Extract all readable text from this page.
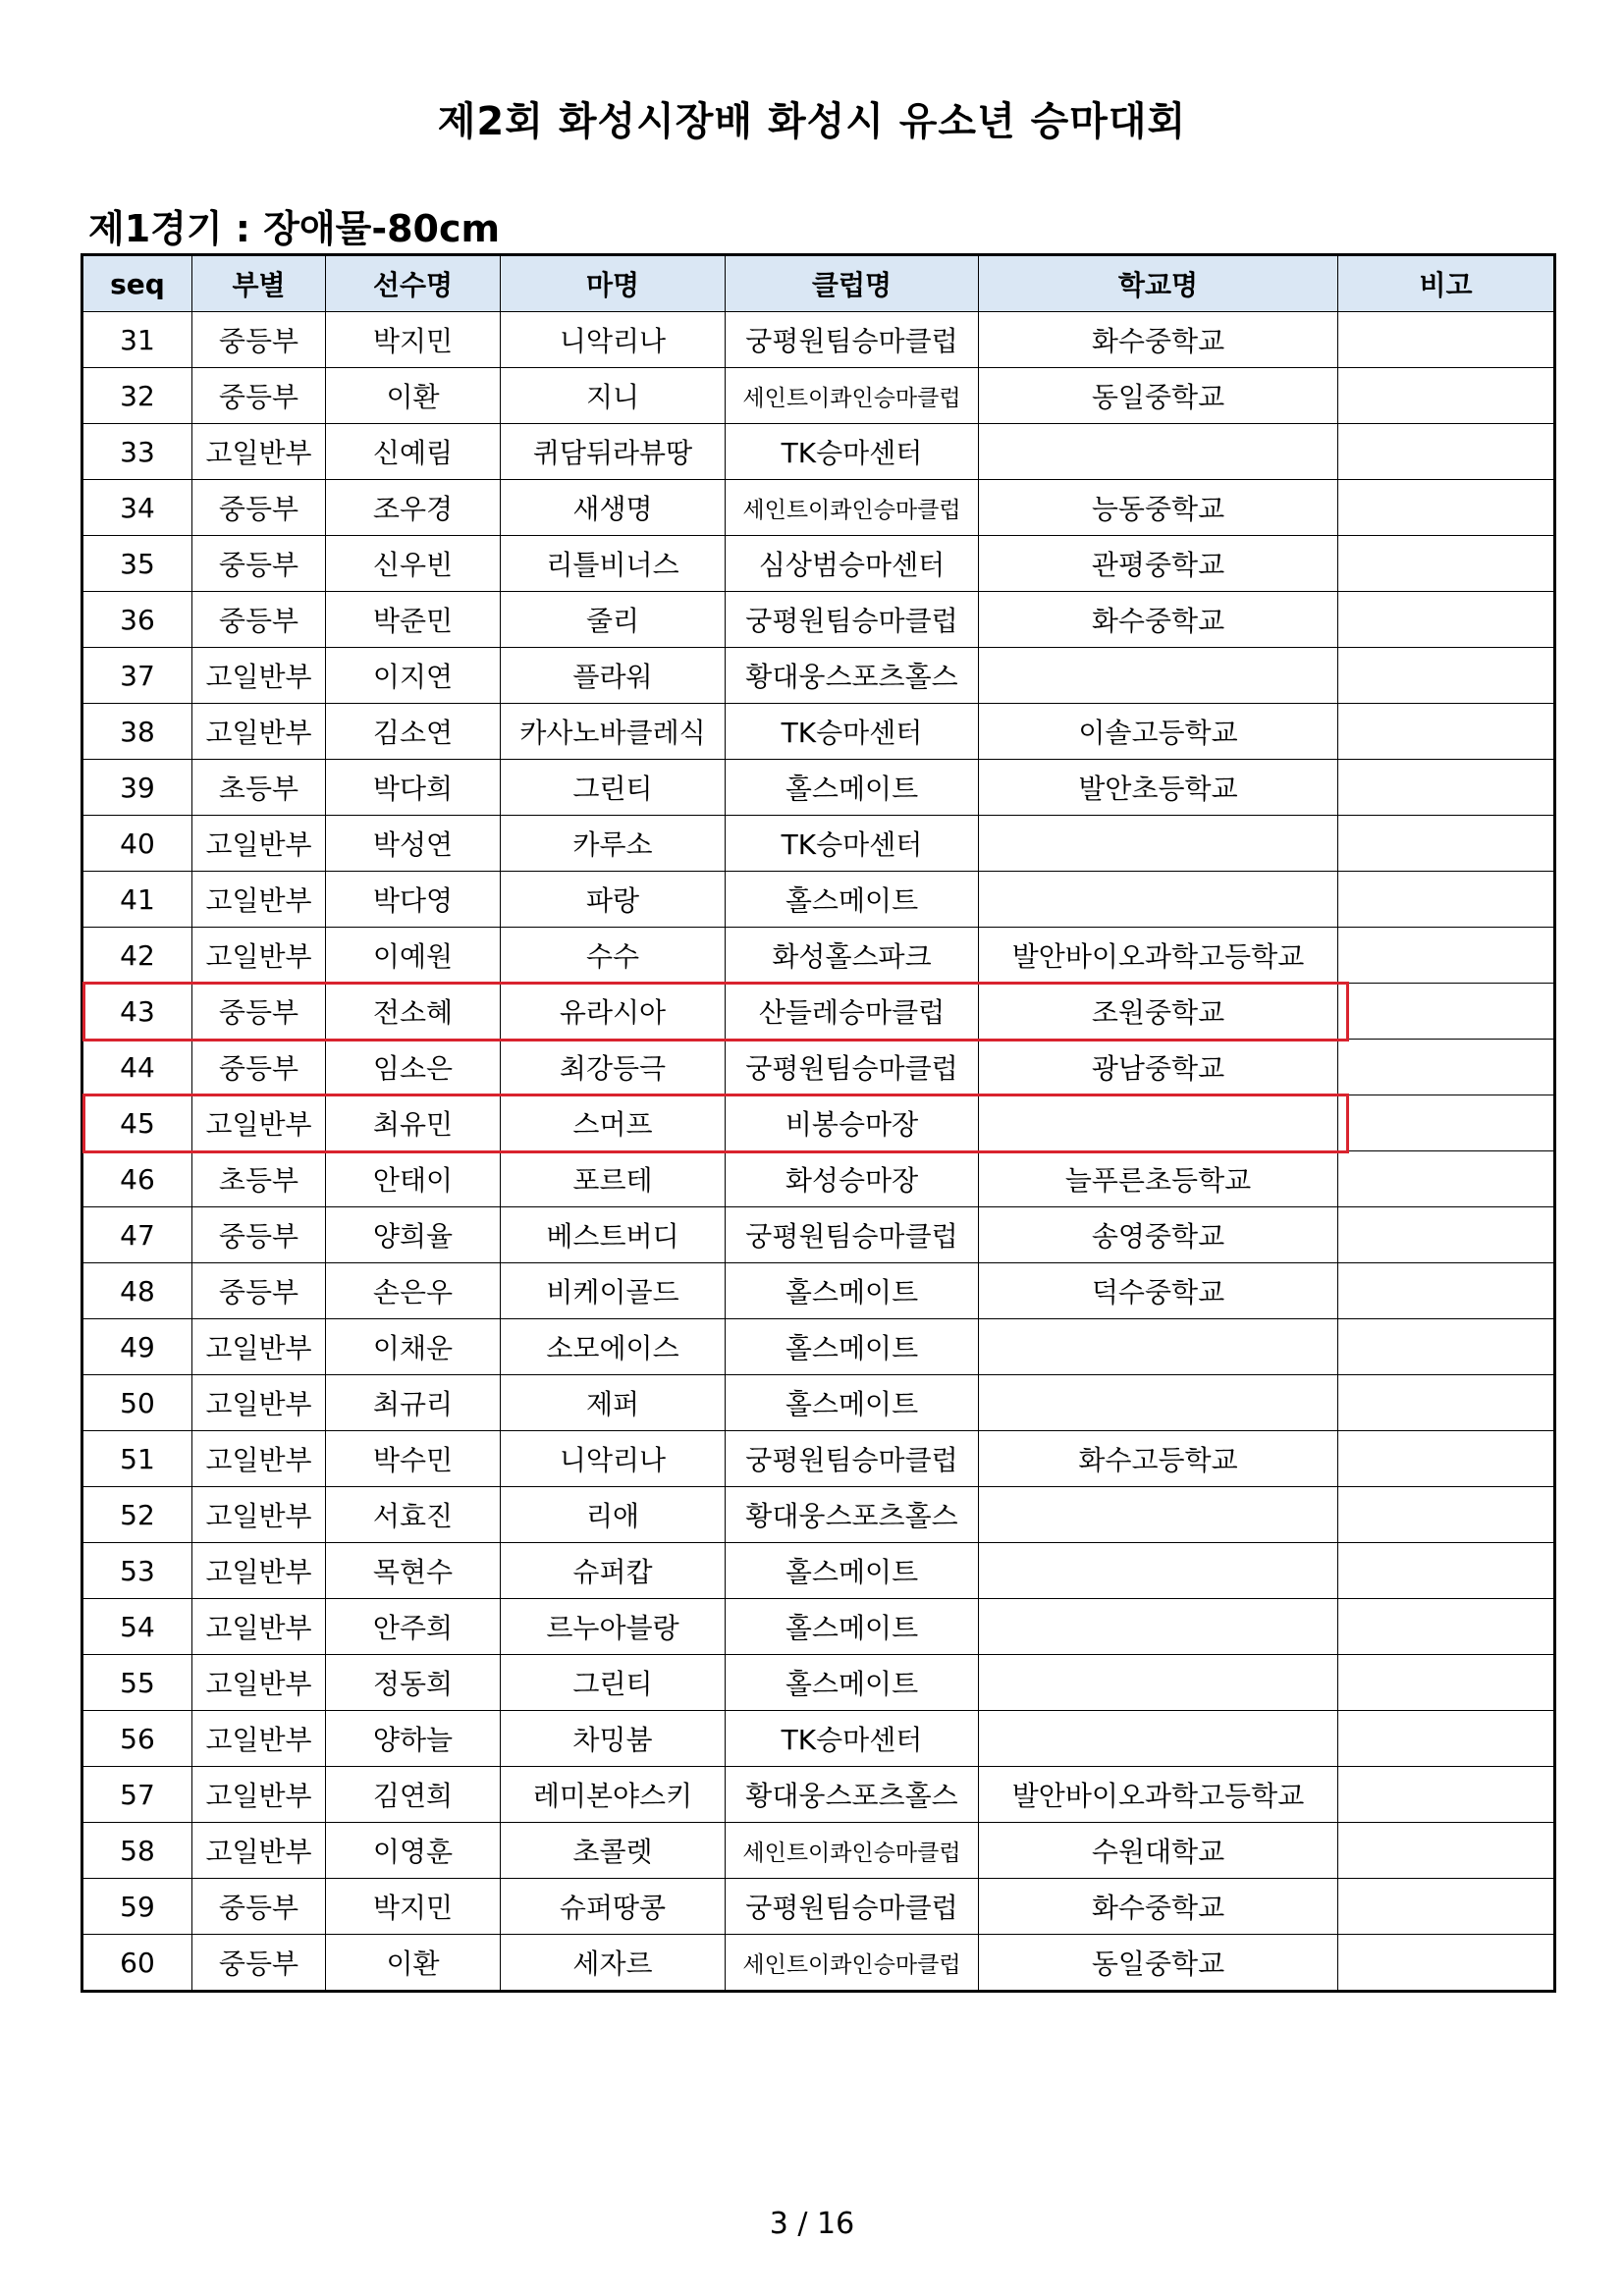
제2회 화성시장배 화성시 유소년 승마대회
제1경기 : 장애물-80cm
seq	부별	선수명	마명	클럽명	학교명	비고
31	중등부	박지민	니악리나	궁평원팀승마클럽	화수중학교	
32	중등부	이환	지니	세인트이콰인승마클럽	동일중학교	
33	고일반부	신예림	퀴담뒤라뷰땅	TK승마센터		
34	중등부	조우경	새생명	세인트이콰인승마클럽	능동중학교	
35	중등부	신우빈	리틀비너스	심상범승마센터	관평중학교	
36	중등부	박준민	줄리	궁평원팀승마클럽	화수중학교	
37	고일반부	이지연	플라워	황대웅스포츠홀스		
38	고일반부	김소연	카사노바클레식	TK승마센터	이솔고등학교	
39	초등부	박다희	그린티	홀스메이트	발안초등학교	
40	고일반부	박성연	카루소	TK승마센터		
41	고일반부	박다영	파랑	홀스메이트		
42	고일반부	이예원	수수	화성홀스파크	발안바이오과학고등학교	
43	중등부	전소혜	유라시아	산들레승마클럽	조원중학교	
44	중등부	임소은	최강등극	궁평원팀승마클럽	광남중학교	
45	고일반부	최유민	스머프	비봉승마장		
46	초등부	안태이	포르테	화성승마장	늘푸른초등학교	
47	중등부	양희율	베스트버디	궁평원팀승마클럽	송영중학교	
48	중등부	손은우	비케이골드	홀스메이트	덕수중학교	
49	고일반부	이채운	소모에이스	홀스메이트		
50	고일반부	최규리	제퍼	홀스메이트		
51	고일반부	박수민	니악리나	궁평원팀승마클럽	화수고등학교	
52	고일반부	서효진	리애	황대웅스포츠홀스		
53	고일반부	목현수	슈퍼캅	홀스메이트		
54	고일반부	안주희	르누아블랑	홀스메이트		
55	고일반부	정동희	그린티	홀스메이트		
56	고일반부	양하늘	차밍붐	TK승마센터		
57	고일반부	김연희	레미본야스키	황대웅스포츠홀스	발안바이오과학고등학교	
58	고일반부	이영훈	초콜렛	세인트이콰인승마클럽	수원대학교	
59	중등부	박지민	슈퍼땅콩	궁평원팀승마클럽	화수중학교	
60	중등부	이환	세자르	세인트이콰인승마클럽	동일중학교	
3 / 16
